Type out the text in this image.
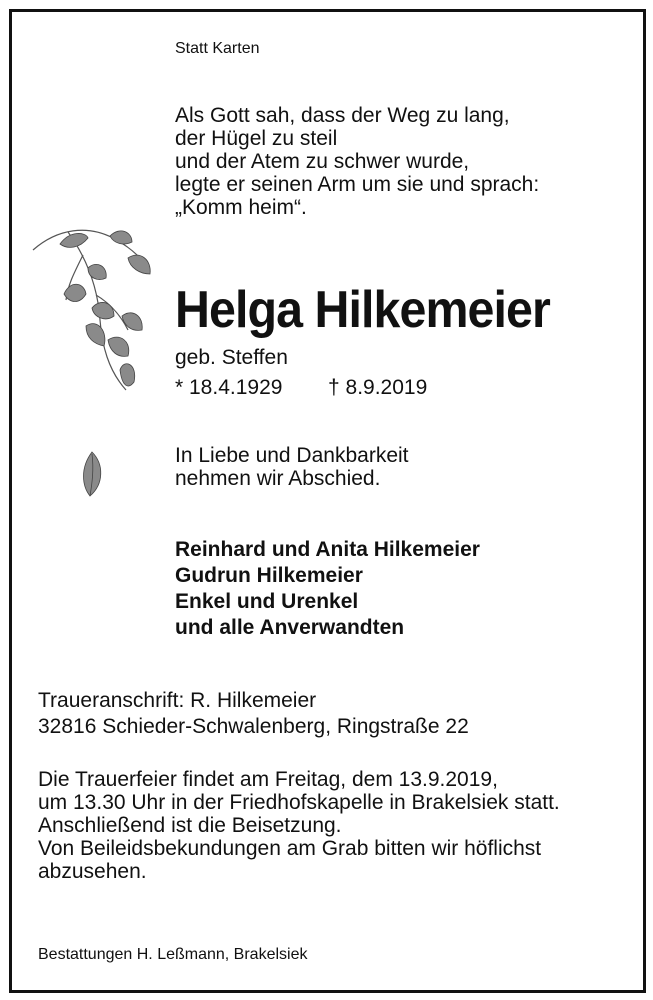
Statt Karten
Als Gott sah, dass der Weg zu lang,
der Hügel zu steil
und der Atem zu schwer wurde,
legte er seinen Arm um sie und sprach:
„Komm heim“.
Helga Hilkemeier
geb. Steffen
* 18.4.1929 † 8.9.2019
In Liebe und Dankbarkeit
nehmen wir Abschied.
Reinhard und Anita Hilkemeier
Gudrun Hilkemeier
Enkel und Urenkel
und alle Anverwandten
Traueranschrift: R. Hilkemeier
32816 Schieder-Schwalenberg, Ringstraße 22
Die Trauerfeier findet am Freitag, dem 13.9.2019,
um 13.30 Uhr in der Friedhofskapelle in Brakelsiek statt.
Anschließend ist die Beisetzung.
Von Beileidsbekundungen am Grab bitten wir höflichst
abzusehen.
Bestattungen H. Leßmann, Brakelsiek
